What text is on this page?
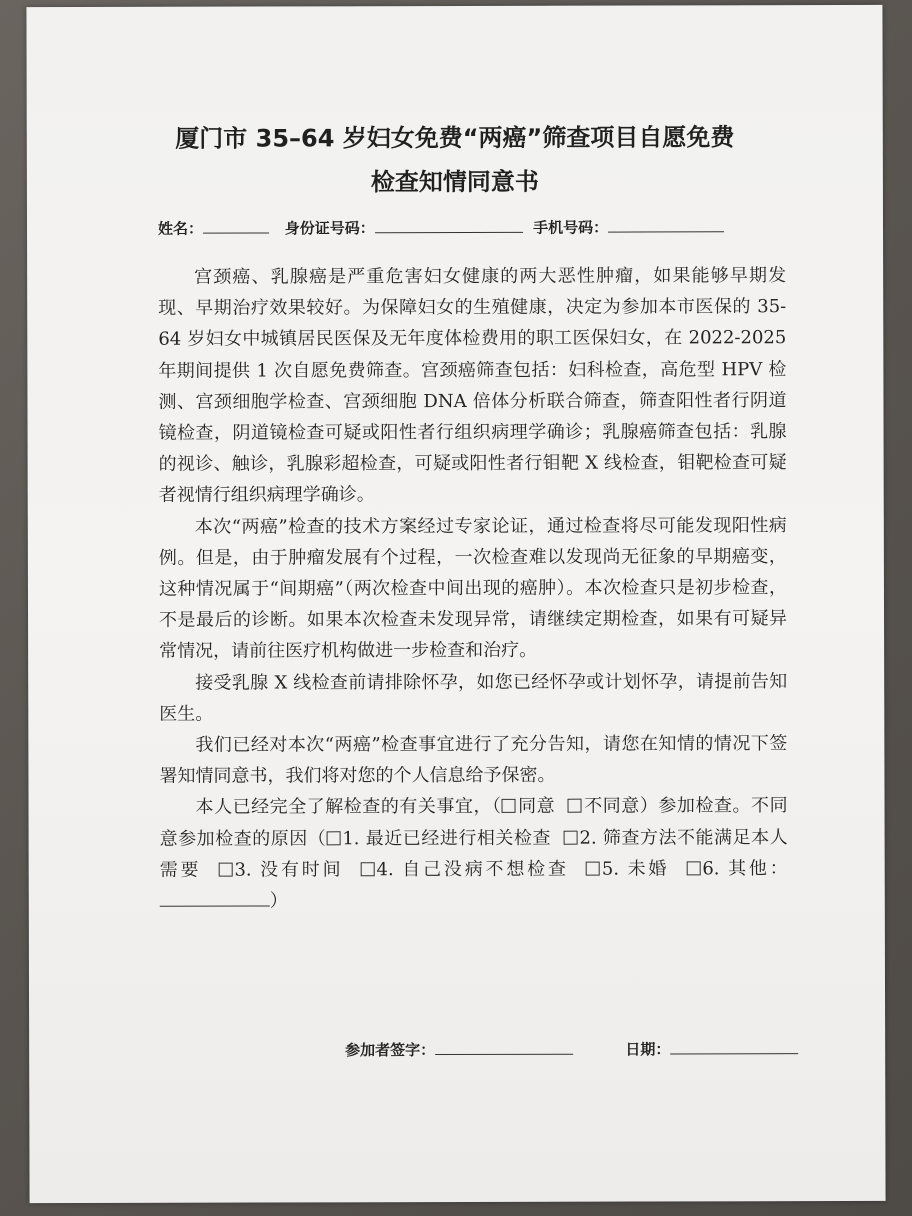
厦门市 35–64 岁妇女免费“两癌”筛查项目自愿免费
检查知情同意书
姓名：	身份证号码：	手机号码：

宫颈癌、乳腺癌是严重危害妇女健康的两大恶性肿瘤，如果能够早期发现、早期治疗效果较好。为保障妇女的生殖健康，决定为参加本市医保的 35-64 岁妇女中城镇居民医保及无年度体检费用的职工医保妇女，在 2022-2025 年期间提供 1 次自愿免费筛查。宫颈癌筛查包括：妇科检查，高危型 HPV 检测、宫颈细胞学检查、宫颈细胞 DNA 倍体分析联合筛查，筛查阳性者行阴道镜检查，阴道镜检查可疑或阳性者行组织病理学确诊；乳腺癌筛查包括：乳腺的视诊、触诊，乳腺彩超检查，可疑或阳性者行钼靶 X 线检查，钼靶检查可疑者视情行组织病理学确诊。

本次“两癌”检查的技术方案经过专家论证，通过检查将尽可能发现阳性病例。但是，由于肿瘤发展有个过程，一次检查难以发现尚无征象的早期癌变，这种情况属于“间期癌”（两次检查中间出现的癌肿）。本次检查只是初步检查，不是最后的诊断。如果本次检查未发现异常，请继续定期检查，如果有可疑异常情况，请前往医疗机构做进一步检查和治疗。

接受乳腺 X 线检查前请排除怀孕，如您已经怀孕或计划怀孕，请提前告知医生。

我们已经对本次“两癌”检查事宜进行了充分告知，请您在知情的情况下签署知情同意书，我们将对您的个人信息给予保密。

本人已经完全了解检查的有关事宜，（ 同意 不同意）参加检查。不同意参加检查的原因（ 1. 最近已经进行相关检查 2. 筛查方法不能满足本人需要 3. 没有时间 4. 自己没病不想检查 5. 未婚 6. 其他：）

参加者签字：	日期：
